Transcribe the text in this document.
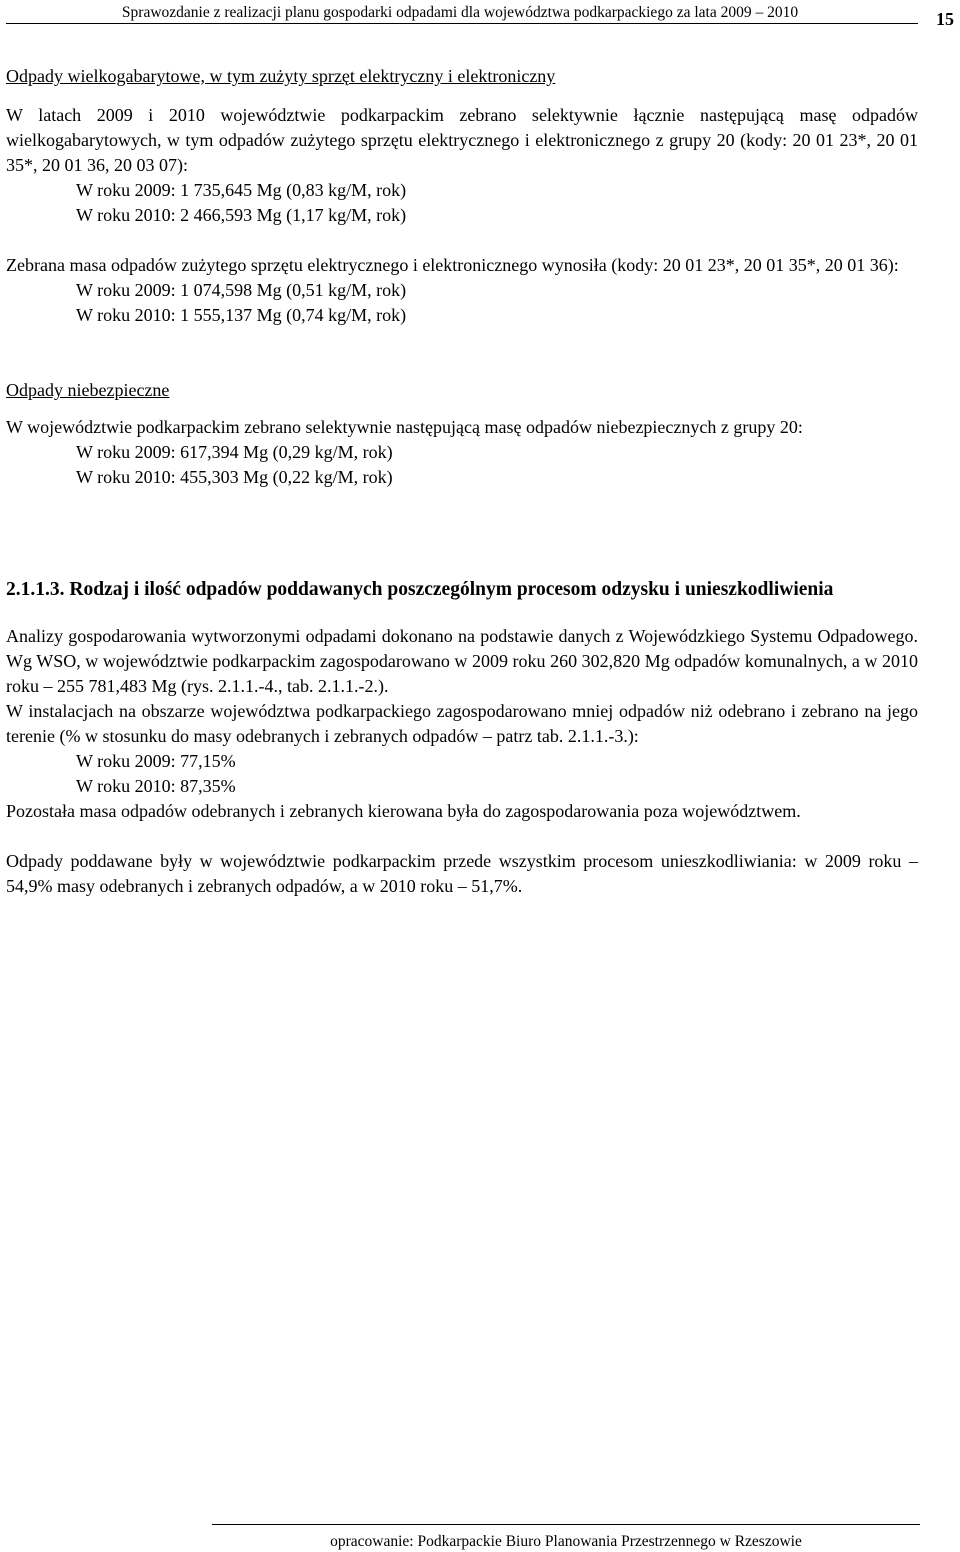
Sprawozdanie z realizacji planu gospodarki odpadami dla województwa podkarpackiego za lata 2009 – 2010	15
Odpady wielkogabarytowe, w tym zużyty sprzęt elektryczny i elektroniczny

W latach 2009 i 2010 województwie podkarpackim zebrano selektywnie łącznie następującą masę odpadów wielkogabarytowych, w tym odpadów zużytego sprzętu elektrycznego i elektronicznego z grupy 20 (kody: 20 01 23*, 20 01 35*, 20 01 36, 20 03 07):

W roku 2009: 1 735,645 Mg (0,83 kg/M, rok)
W roku 2010: 2 466,593 Mg (1,17 kg/M, rok)

Zebrana masa odpadów zużytego sprzętu elektrycznego i elektronicznego wynosiła (kody: 20 01 23*, 20 01 35*, 20 01 36):

W roku 2009: 1 074,598 Mg (0,51 kg/M, rok)
W roku 2010: 1 555,137 Mg (0,74 kg/M, rok)
Odpady niebezpieczne

W województwie podkarpackim zebrano selektywnie następującą masę odpadów niebezpiecznych z grupy 20:

W roku 2009: 617,394 Mg (0,29 kg/M, rok)
W roku 2010: 455,303 Mg (0,22 kg/M, rok)
2.1.1.3. Rodzaj i ilość odpadów poddawanych poszczególnym procesom odzysku i unieszkodliwienia

Analizy gospodarowania wytworzonymi odpadami dokonano na podstawie danych z Wojewódzkiego Systemu Odpadowego. Wg WSO, w województwie podkarpackim zagospodarowano w 2009 roku 260 302,820 Mg odpadów komunalnych, a w 2010 roku – 255 781,483 Mg (rys. 2.1.1.-4., tab. 2.1.1.-2.).

W instalacjach na obszarze województwa podkarpackiego zagospodarowano mniej odpadów niż odebrano i zebrano na jego terenie (% w stosunku do masy odebranych i zebranych odpadów – patrz tab. 2.1.1.-3.):

W roku 2009: 77,15%
W roku 2010: 87,35%

Pozostała masa odpadów odebranych i zebranych kierowana była do zagospodarowania poza województwem.

Odpady poddawane były w województwie podkarpackim przede wszystkim procesom unieszkodliwiania: w 2009 roku – 54,9% masy odebranych i zebranych odpadów, a w 2010 roku – 51,7%.

opracowanie: Podkarpackie Biuro Planowania Przestrzennego w Rzeszowie
